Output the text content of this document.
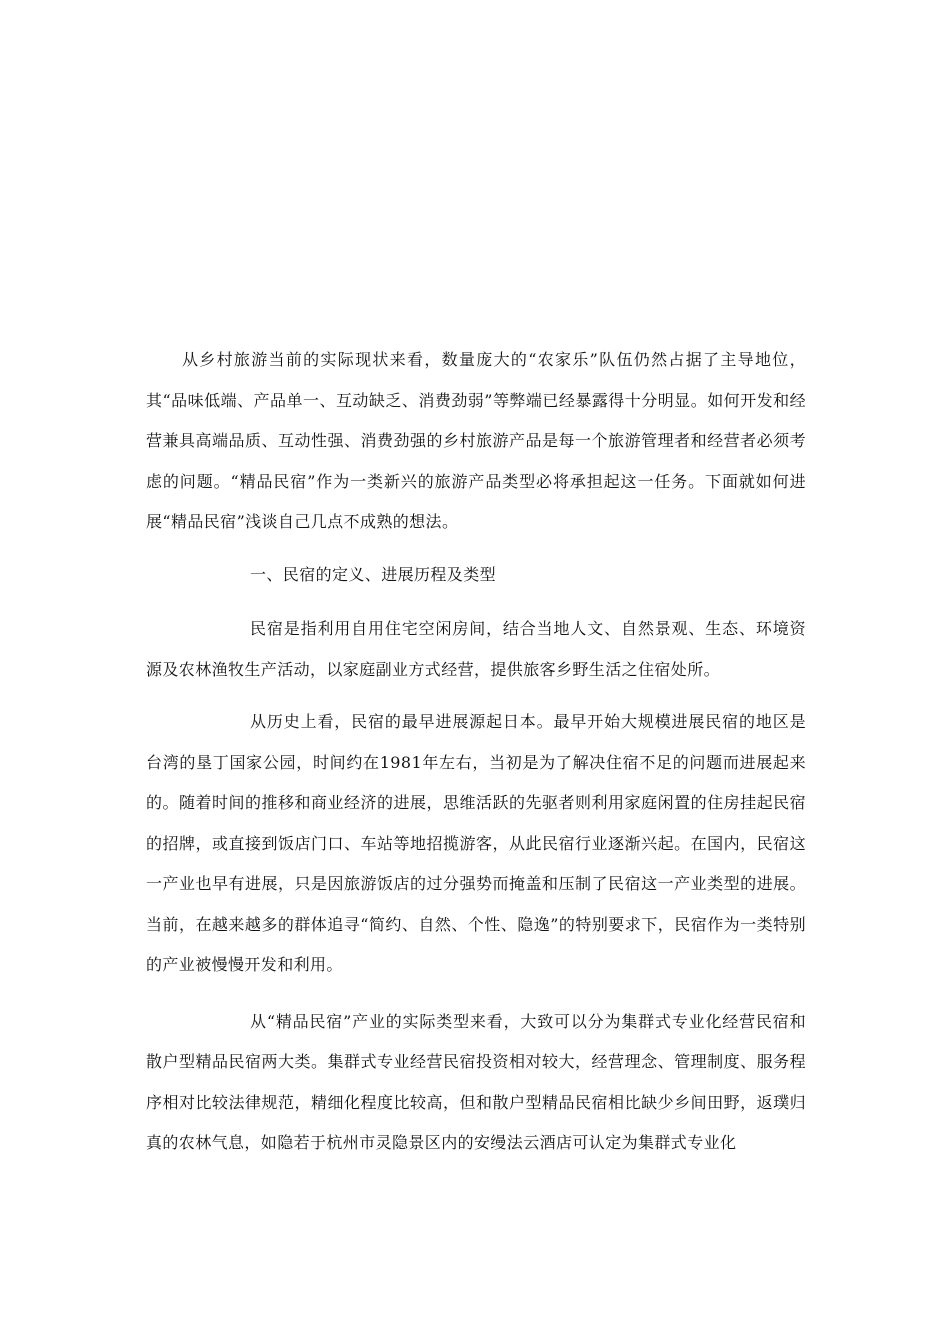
从乡村旅游当前的实际现状来看，数量庞大的“农家乐”队伍仍然占据了主导地位，其“品味低端、产品单一、互动缺乏、消费劲弱”等弊端已经暴露得十分明显。如何开发和经营兼具高端品质、互动性强、消费劲强的乡村旅游产品是每一个旅游管理者和经营者必须考虑的问题。“精品民宿”作为一类新兴的旅游产品类型必将承担起这一任务。下面就如何进展“精品民宿”浅谈自己几点不成熟的想法。

一、民宿的定义、进展历程及类型

民宿是指利用自用住宅空闲房间，结合当地人文、自然景观、生态、环境资源及农林渔牧生产活动，以家庭副业方式经营，提供旅客乡野生活之住宿处所。

从历史上看，民宿的最早进展源起日本。最早开始大规模进展民宿的地区是台湾的垦丁国家公园，时间约在1981年左右，当初是为了解决住宿不足的问题而进展起来的。随着时间的推移和商业经济的进展，思维活跃的先驱者则利用家庭闲置的住房挂起民宿的招牌，或直接到饭店门口、车站等地招揽游客，从此民宿行业逐渐兴起。在国内，民宿这一产业也早有进展，只是因旅游饭店的过分强势而掩盖和压制了民宿这一产业类型的进展。当前，在越来越多的群体追寻“简约、自然、个性、隐逸”的特别要求下，民宿作为一类特别的产业被慢慢开发和利用。

从“精品民宿”产业的实际类型来看，大致可以分为集群式专业化经营民宿和散户型精品民宿两大类。集群式专业经营民宿投资相对较大，经营理念、管理制度、服务程序相对比较法律规范，精细化程度比较高，但和散户型精品民宿相比缺少乡间田野，返璞归真的农林气息，如隐若于杭州市灵隐景区内的安缦法云酒店可认定为集群式专业化
